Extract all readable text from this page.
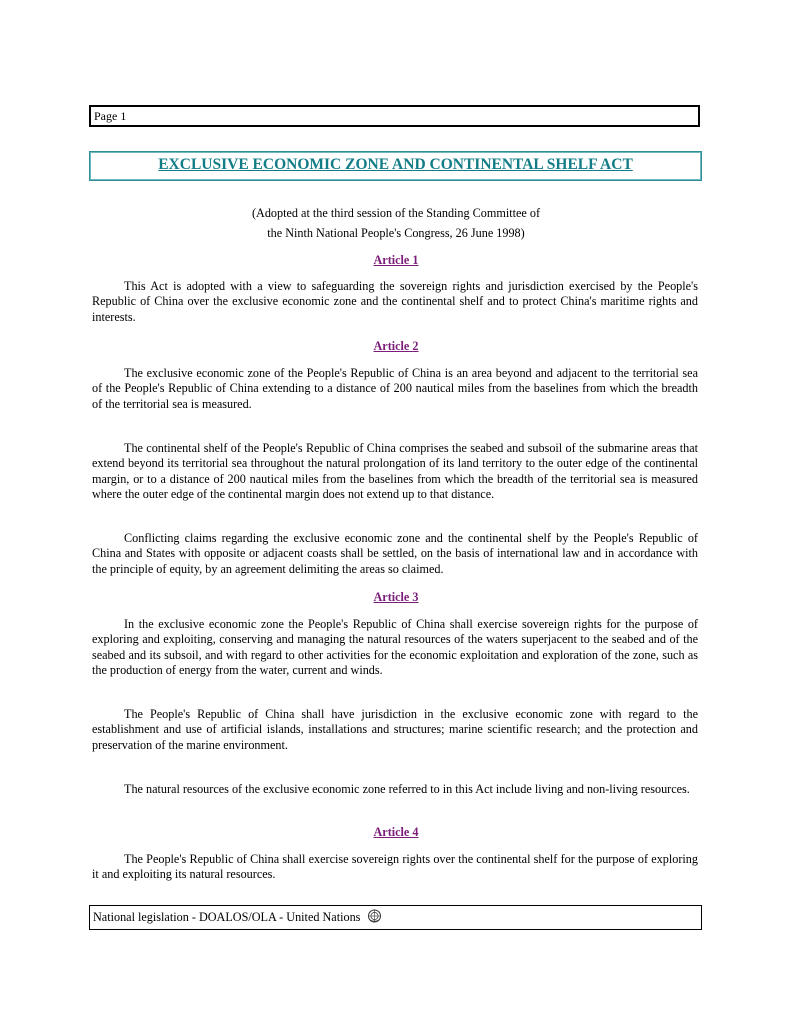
Page 1
EXCLUSIVE ECONOMIC ZONE AND CONTINENTAL SHELF ACT
(Adopted at the third session of the Standing Committee of
the Ninth National People's Congress, 26 June 1998)
Article 1

This Act is adopted with a view to safeguarding the sovereign rights and jurisdiction exercised by the People's Republic of China over the exclusive economic zone and the continental shelf and to protect China's maritime rights and interests.

Article 2

The exclusive economic zone of the People's Republic of China is an area beyond and adjacent to the territorial sea of the People's Republic of China extending to a distance of 200 nautical miles from the baselines from which the breadth of the territorial sea is measured.

The continental shelf of the People's Republic of China comprises the seabed and subsoil of the submarine areas that extend beyond its territorial sea throughout the natural prolongation of its land territory to the outer edge of the continental margin, or to a distance of 200 nautical miles from the baselines from which the breadth of the territorial sea is measured where the outer edge of the continental margin does not extend up to that distance.

Conflicting claims regarding the exclusive economic zone and the continental shelf by the People's Republic of China and States with opposite or adjacent coasts shall be settled, on the basis of international law and in accordance with the principle of equity, by an agreement delimiting the areas so claimed.

Article 3

In the exclusive economic zone the People's Republic of China shall exercise sovereign rights for the purpose of exploring and exploiting, conserving and managing the natural resources of the waters superjacent to the seabed and of the seabed and its subsoil, and with regard to other activities for the economic exploitation and exploration of the zone, such as the production of energy from the water, current and winds.

The People's Republic of China shall have jurisdiction in the exclusive economic zone with regard to the establishment and use of artificial islands, installations and structures; marine scientific research; and the protection and preservation of the marine environment.

The natural resources of the exclusive economic zone referred to in this Act include living and non-living resources.

Article 4

The People's Republic of China shall exercise sovereign rights over the continental shelf for the purpose of exploring it and exploiting its natural resources.

National legislation - DOALOS/OLA - United Nations
